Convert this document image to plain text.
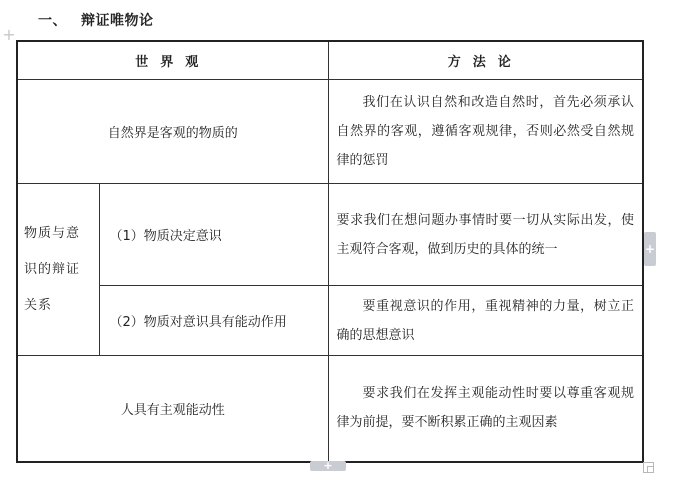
一、 辩证唯物论
+
世界观		方法论
自然界是客观的物质的		我们在认识自然和改造自然时，首先必须承认自然界的客观，遵循客观规律，否则必然受自然规律的惩罚
物质与意识的辩证关系	（1）物质决定意识	要求我们在想问题办事情时要一切从实际出发，使主观符合客观，做到历史的具体的统一
	（2）物质对意识具有能动作用	要重视意识的作用，重视精神的力量，树立正确的思想意识
人具有主观能动性		要求我们在发挥主观能动性时要以尊重客观规律为前提，要不断积累正确的主观因素
+
+
